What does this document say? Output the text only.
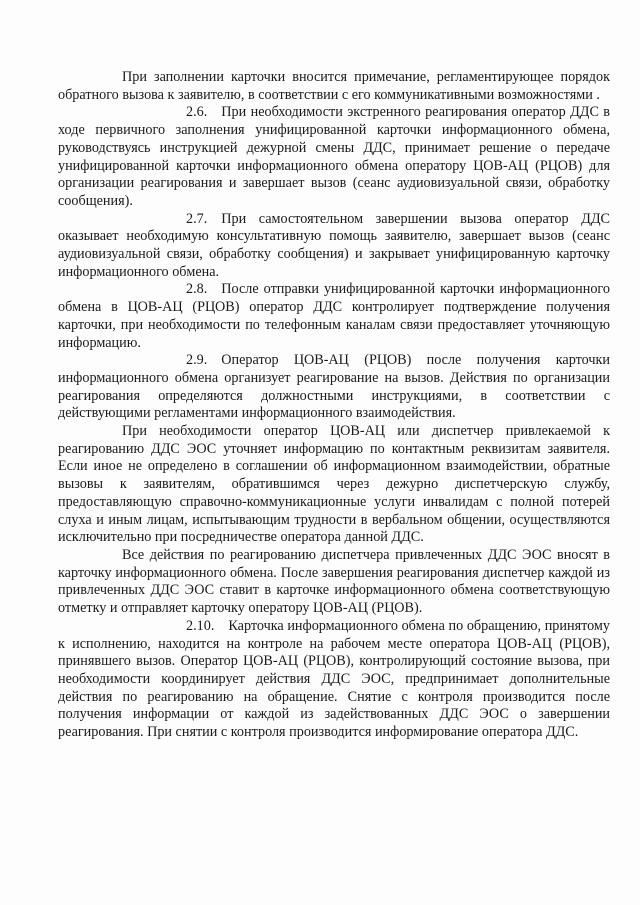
При заполнении карточки вносится примечание, регламентирующее порядок обратного вызова к заявителю, в соответствии с его коммуникативными возможностями .

2.6. При необходимости экстренного реагирования оператор ДДС в ходе первичного заполнения унифицированной карточки информационного обмена, руководствуясь инструкцией дежурной смены ДДС, принимает решение о передаче унифицированной карточки информационного обмена оператору ЦОВ-АЦ (РЦОВ) для организации реагирования и завершает вызов (сеанс аудиовизуальной связи, обработку сообщения).

2.7. При самостоятельном завершении вызова оператор ДДС оказывает необходимую консультативную помощь заявителю, завершает вызов (сеанс аудиовизуальной связи, обработку сообщения) и закрывает унифицированную карточку информационного обмена.

2.8. После отправки унифицированной карточки информационного обмена в ЦОВ-АЦ (РЦОВ) оператор ДДС контролирует подтверждение получения карточки, при необходимости по телефонным каналам связи предоставляет уточняющую информацию.

2.9. Оператор ЦОВ-АЦ (РЦОВ) после получения карточки информационного обмена организует реагирование на вызов. Действия по организации реагирования определяются должностными инструкциями, в соответствии с действующими регламентами информационного взаимодействия.

При необходимости оператор ЦОВ-АЦ или диспетчер привлекаемой к реагированию ДДС ЭОС уточняет информацию по контактным реквизитам заявителя. Если иное не определено в соглашении об информационном взаимодействии, обратные вызовы к заявителям, обратившимся через дежурно диспетчерскую службу, предоставляющую справочно-коммуникационные услуги инвалидам с полной потерей слуха и иным лицам, испытывающим трудности в вербальном общении, осуществляются исключительно при посредничестве оператора данной ДДС.

Все действия по реагированию диспетчера привлеченных ДДС ЭОС вносят в карточку информационного обмена. После завершения реагирования диспетчер каждой из привлеченных ДДС ЭОС ставит в карточке информационного обмена соответствующую отметку и отправляет карточку оператору ЦОВ-АЦ (РЦОВ).

2.10. Карточка информационного обмена по обращению, принятому к исполнению, находится на контроле на рабочем месте оператора ЦОВ-АЦ (РЦОВ), принявшего вызов. Оператор ЦОВ-АЦ (РЦОВ), контролирующий состояние вызова, при необходимости координирует действия ДДС ЭОС, предпринимает дополнительные действия по реагированию на обращение. Снятие с контроля производится после получения информации от каждой из задействованных ДДС ЭОС о завершении реагирования. При снятии с контроля производится информирование оператора ДДС.
